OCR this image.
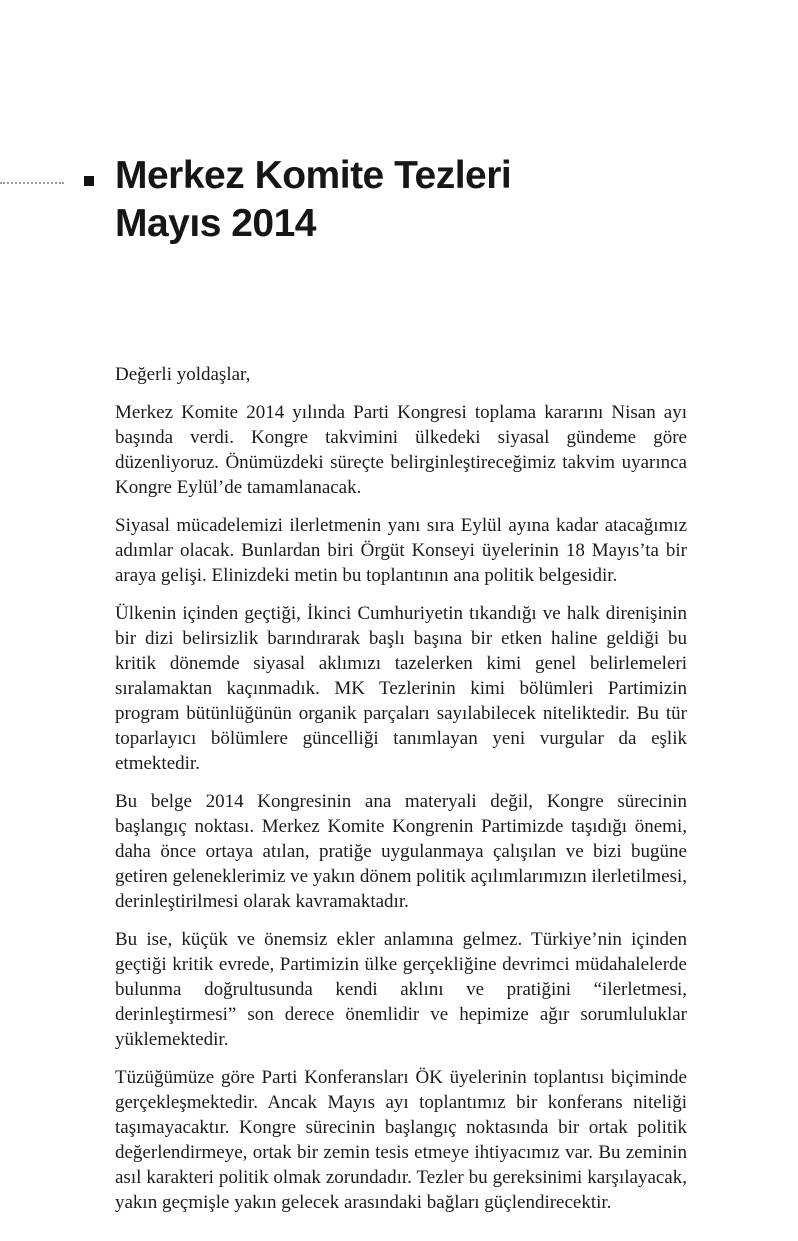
Merkez Komite Tezleri
Mayıs 2014

Değerli yoldaşlar,

Merkez Komite 2014 yılında Parti Kongresi toplama kararını Nisan ayı başında verdi. Kongre takvimini ülkedeki siyasal gündeme göre düzenliyoruz. Önümüzdeki süreçte belirginleştireceğimiz takvim uyarınca Kongre Eylül’de tamamlanacak.

Siyasal mücadelemizi ilerletmenin yanı sıra Eylül ayına kadar atacağımız adımlar olacak. Bunlardan biri Örgüt Konseyi üyelerinin 18 Mayıs’ta bir araya gelişi. Elinizdeki metin bu toplantının ana politik belgesidir.

Ülkenin içinden geçtiği, İkinci Cumhuriyetin tıkandığı ve halk direnişinin bir dizi belirsizlik barındırarak başlı başına bir etken haline geldiği bu kritik dönemde siyasal aklımızı tazelerken kimi genel belirlemeleri sıralamaktan kaçınmadık. MK Tezlerinin kimi bölümleri Partimizin program bütünlüğünün organik parçaları sayılabilecek niteliktedir. Bu tür toparlayıcı bölümlere güncelliği tanımlayan yeni vurgular da eşlik etmektedir.

Bu belge 2014 Kongresinin ana materyali değil, Kongre sürecinin başlangıç noktası. Merkez Komite Kongrenin Partimizde taşıdığı önemi, daha önce ortaya atılan, pratiğe uygulanmaya çalışılan ve bizi bugüne getiren geleneklerimiz ve yakın dönem politik açılımlarımızın ilerletilmesi, derinleştirilmesi olarak kavramaktadır.

Bu ise, küçük ve önemsiz ekler anlamına gelmez. Türkiye’nin içinden geçtiği kritik evrede, Partimizin ülke gerçekliğine devrimci müdahalelerde bulunma doğrultusunda kendi aklını ve pratiğini “ilerletmesi, derinleştirmesi” son derece önemlidir ve hepimize ağır sorumluluklar yüklemektedir.

Tüzüğümüze göre Parti Konferansları ÖK üyelerinin toplantısı biçiminde gerçekleşmektedir. Ancak Mayıs ayı toplantımız bir konferans niteliği taşımayacaktır. Kongre sürecinin başlangıç noktasında bir ortak politik değerlendirmeye, ortak bir zemin tesis etmeye ihtiyacımız var. Bu zeminin asıl karakteri politik olmak zorundadır. Tezler bu gereksinimi karşılayacak, yakın geçmişle yakın gelecek arasındaki bağları güçlendirecektir.
